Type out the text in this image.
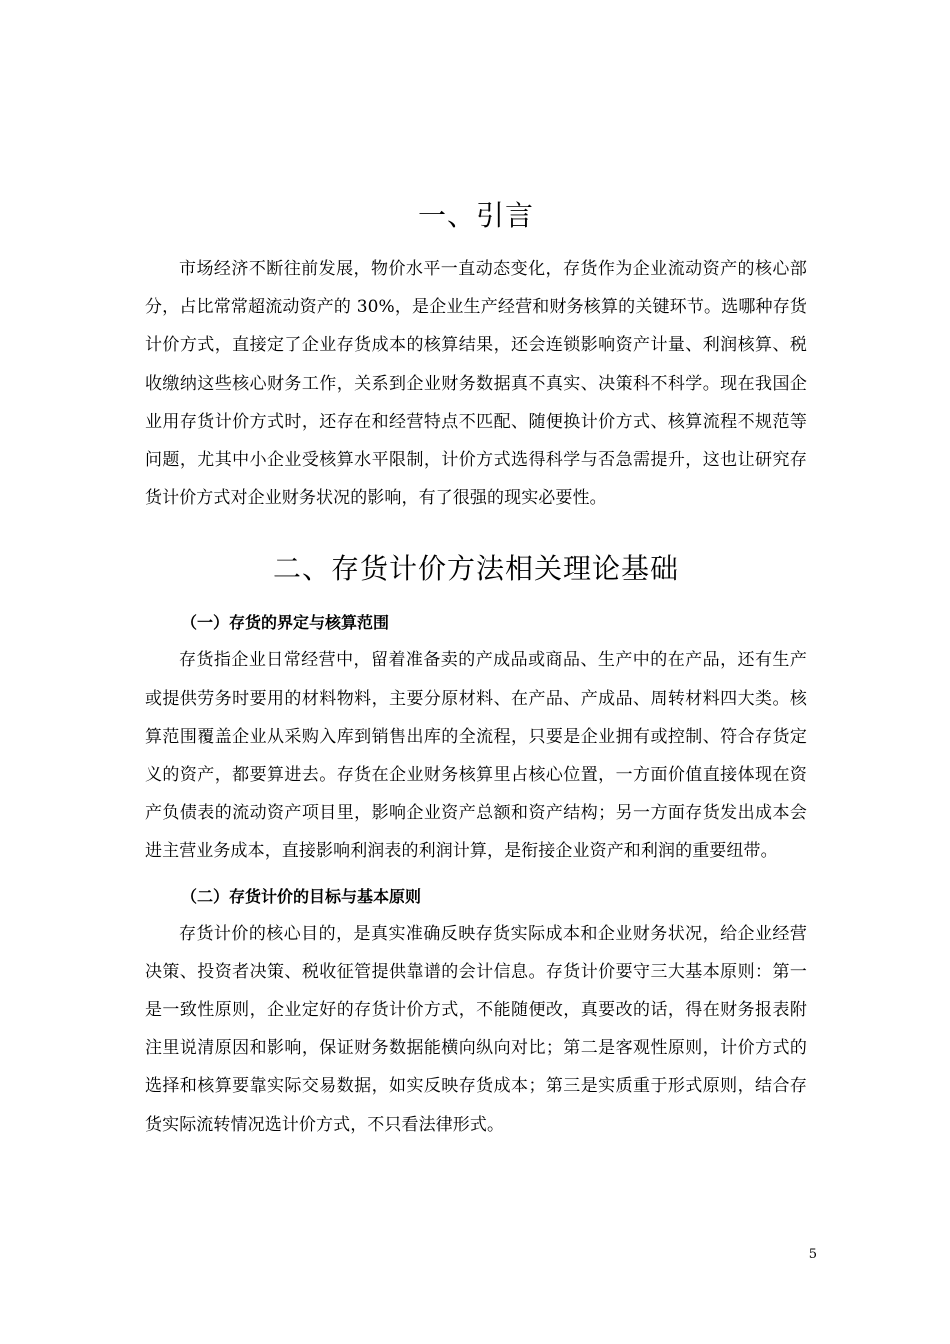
一、引言

市场经济不断往前发展，物价水平一直动态变化，存货作为企业流动资产的核心部分，占比常常超流动资产的 30%，是企业生产经营和财务核算的关键环节。选哪种存货计价方式，直接定了企业存货成本的核算结果，还会连锁影响资产计量、利润核算、税收缴纳这些核心财务工作，关系到企业财务数据真不真实、决策科不科学。现在我国企业用存货计价方式时，还存在和经营特点不匹配、随便换计价方式、核算流程不规范等问题，尤其中小企业受核算水平限制，计价方式选得科学与否急需提升，这也让研究存货计价方式对企业财务状况的影响，有了很强的现实必要性。

二、存货计价方法相关理论基础
（一）存货的界定与核算范围

存货指企业日常经营中，留着准备卖的产成品或商品、生产中的在产品，还有生产或提供劳务时要用的材料物料，主要分原材料、在产品、产成品、周转材料四大类。核算范围覆盖企业从采购入库到销售出库的全流程，只要是企业拥有或控制、符合存货定义的资产，都要算进去。存货在企业财务核算里占核心位置，一方面价值直接体现在资产负债表的流动资产项目里，影响企业资产总额和资产结构；另一方面存货发出成本会进主营业务成本，直接影响利润表的利润计算，是衔接企业资产和利润的重要纽带。

（二）存货计价的目标与基本原则

存货计价的核心目的，是真实准确反映存货实际成本和企业财务状况，给企业经营决策、投资者决策、税收征管提供靠谱的会计信息。存货计价要守三大基本原则：第一是一致性原则，企业定好的存货计价方式，不能随便改，真要改的话，得在财务报表附注里说清原因和影响，保证财务数据能横向纵向对比；第二是客观性原则，计价方式的选择和核算要靠实际交易数据，如实反映存货成本；第三是实质重于形式原则，结合存货实际流转情况选计价方式，不只看法律形式。

5
